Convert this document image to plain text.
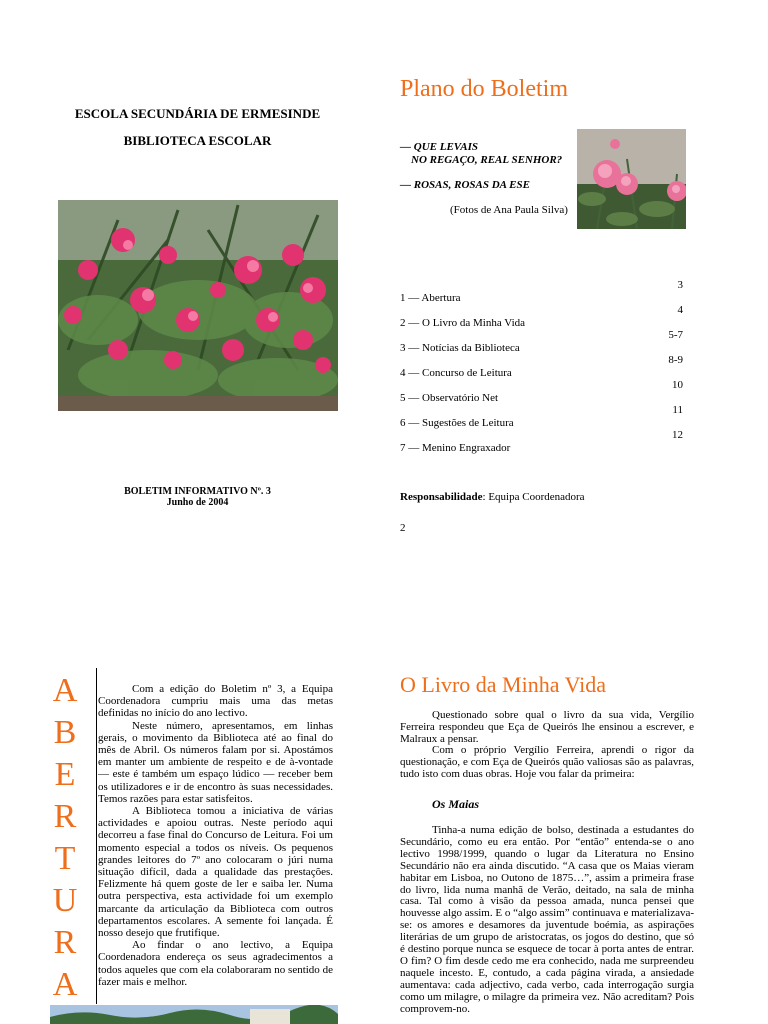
ESCOLA SECUNDÁRIA DE ERMESINDE
BIBLIOTECA ESCOLAR
BOLETIM INFORMATIVO Nº. 3
Junho de 2004
Plano do Boletim
— QUE LEVAIS
NO REGAÇO, REAL SENHOR?
— ROSAS, ROSAS DA ESE
(Fotos de Ana Paula Silva)
3
1 — Abertura
4
2 — O Livro da Minha Vida
5-7
3 — Notícias da Biblioteca
8-9
4 — Concurso de Leitura
10
5 — Observatório Net
11
6 — Sugestões de Leitura
12
7 — Menino Engraxador
Responsabilidade: Equipa Coordenadora
2
A
B
E
R
T
U
R
A

Com a edição do Boletim nº 3, a Equipa Coordenadora cumpriu mais uma das metas definidas no início do ano lectivo.

Neste número, apresentamos, em linhas gerais, o movimento da Biblioteca até ao final do mês de Abril. Os números falam por si. Apostámos em manter um ambiente de respeito e de à-vontade — este é também um espaço lúdico — receber bem os utilizadores e ir de encontro às suas necessidades. Temos razões para estar satisfeitos.

A Biblioteca tomou a iniciativa de várias actividades e apoiou outras. Neste período aqui decorreu a fase final do Concurso de Leitura. Foi um momento especial a todos os níveis. Os pequenos grandes leitores do 7º ano colocaram o júri numa situação difícil, dada a qualidade das prestações. Felizmente há quem goste de ler e saiba ler. Numa outra perspectiva, esta actividade foi um exemplo marcante da articulação da Biblioteca com outros departamentos escolares. A semente foi lançada. É nosso desejo que frutifique.

Ao findar o ano lectivo, a Equipa Coordenadora endereça os seus agradecimentos a todos aqueles que com ela colaboraram no sentido de fazer mais e melhor.

O Livro da Minha Vida

Questionado sobre qual o livro da sua vida, Vergílio Ferreira respondeu que Eça de Queirós lhe ensinou a escrever, e Malraux a pensar.

Com o próprio Vergílio Ferreira, aprendi o rigor da questionação, e com Eça de Queirós quão valiosas são as palavras, tudo isto com duas obras. Hoje vou falar da primeira:

Os Maias

Tinha-a numa edição de bolso, destinada a estudantes do Secundário, como eu era então. Por “então” entenda-se o ano lectivo 1998/1999, quando o lugar da Literatura no Ensino Secundário não era ainda discutido. “A casa que os Maias vieram habitar em Lisboa, no Outono de 1875…”, assim a primeira frase do livro, lida numa manhã de Verão, deitado, na sala de minha casa. Tal como à visão da pessoa amada, nunca pensei que houvesse algo assim. E o “algo assim” continuava e materializava-se: os amores e desamores da juventude boémia, as aspirações literárias de um grupo de aristocratas, os jogos do destino, que só é destino porque nunca se esquece de tocar à porta antes de entrar. O fim? O fim desde cedo me era conhecido, nada me surpreendeu naquele incesto. E, contudo, a cada página virada, a ansiedade aumentava: cada adjectivo, cada verbo, cada interrogação surgia como um milagre, o milagre da primeira vez. Não acreditam? Pois comprovem-no.
